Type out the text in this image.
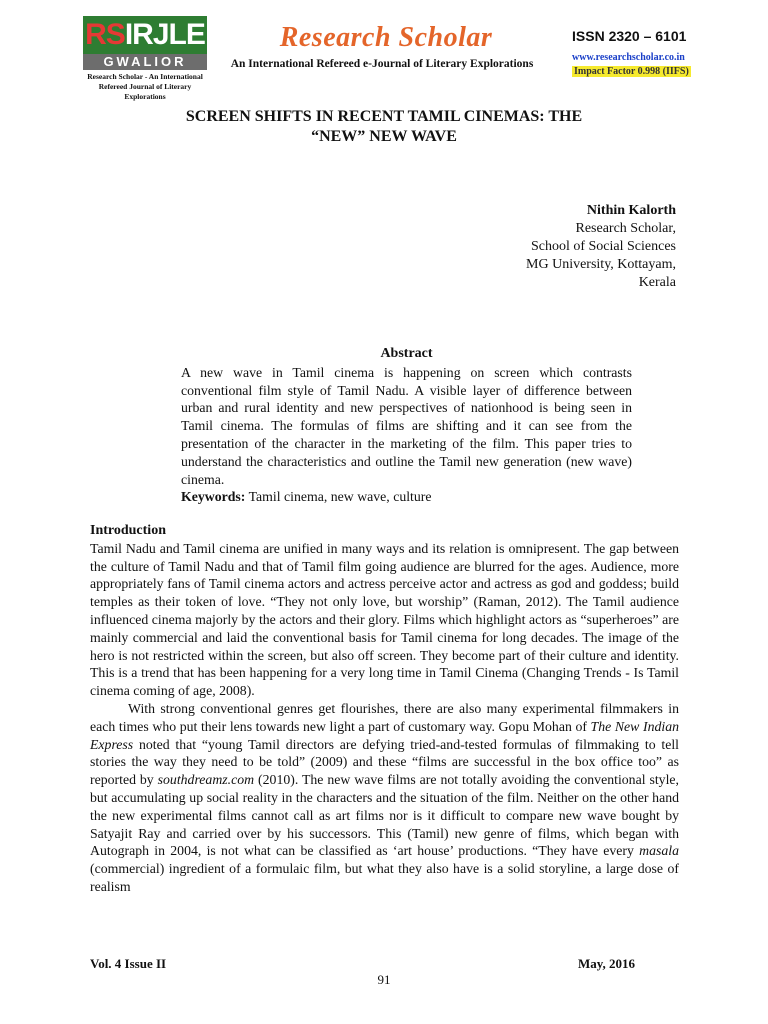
RS IRJLE
GWALIOR
Research Scholar - An International
Refereed Journal of Literary Explorations
Research Scholar
An International Refereed e-Journal of Literary Explorations
ISSN 2320 – 6101
www.researchscholar.co.in
Impact Factor 0.998 (IIFS)
SCREEN SHIFTS IN RECENT TAMIL CINEMAS: THE
“NEW” NEW WAVE
Nithin Kalorth
Research Scholar,
School of Social Sciences
MG University, Kottayam,
Kerala
Abstract

A new wave in Tamil cinema is happening on screen which contrasts conventional film style of Tamil Nadu. A visible layer of difference between urban and rural identity and new perspectives of nationhood is being seen in Tamil cinema. The formulas of films are shifting and it can see from the presentation of the character in the marketing of the film. This paper tries to understand the characteristics and outline the Tamil new generation (new wave) cinema.

Keywords: Tamil cinema, new wave, culture

Introduction

Tamil Nadu and Tamil cinema are unified in many ways and its relation is omnipresent. The gap between the culture of Tamil Nadu and that of Tamil film going audience are blurred for the ages. Audience, more appropriately fans of Tamil cinema actors and actress perceive actor and actress as god and goddess; build temples as their token of love. “They not only love, but worship” (Raman, 2012). The Tamil audience influenced cinema majorly by the actors and their glory. Films which highlight actors as “superheroes” are mainly commercial and laid the conventional basis for Tamil cinema for long decades. The image of the hero is not restricted within the screen, but also off screen. They become part of their culture and identity. This is a trend that has been happening for a very long time in Tamil Cinema (Changing Trends - Is Tamil cinema coming of age, 2008).

With strong conventional genres get flourishes, there are also many experimental filmmakers in each times who put their lens towards new light a part of customary way. Gopu Mohan of The New Indian Express noted that “young Tamil directors are defying tried-and-tested formulas of filmmaking to tell stories the way they need to be told” (2009) and these “films are successful in the box office too” as reported by southdreamz.com (2010). The new wave films are not totally avoiding the conventional style, but accumulating up social reality in the characters and the situation of the film. Neither on the other hand the new experimental films cannot call as art films nor is it difficult to compare new wave bought by Satyajit Ray and carried over by his successors. This (Tamil) new genre of films, which began with Autograph in 2004, is not what can be classified as ‘art house’ productions. “They have every masala (commercial) ingredient of a formulaic film, but what they also have is a solid storyline, a large dose of realism

Vol. 4 Issue II	May, 2016
91
